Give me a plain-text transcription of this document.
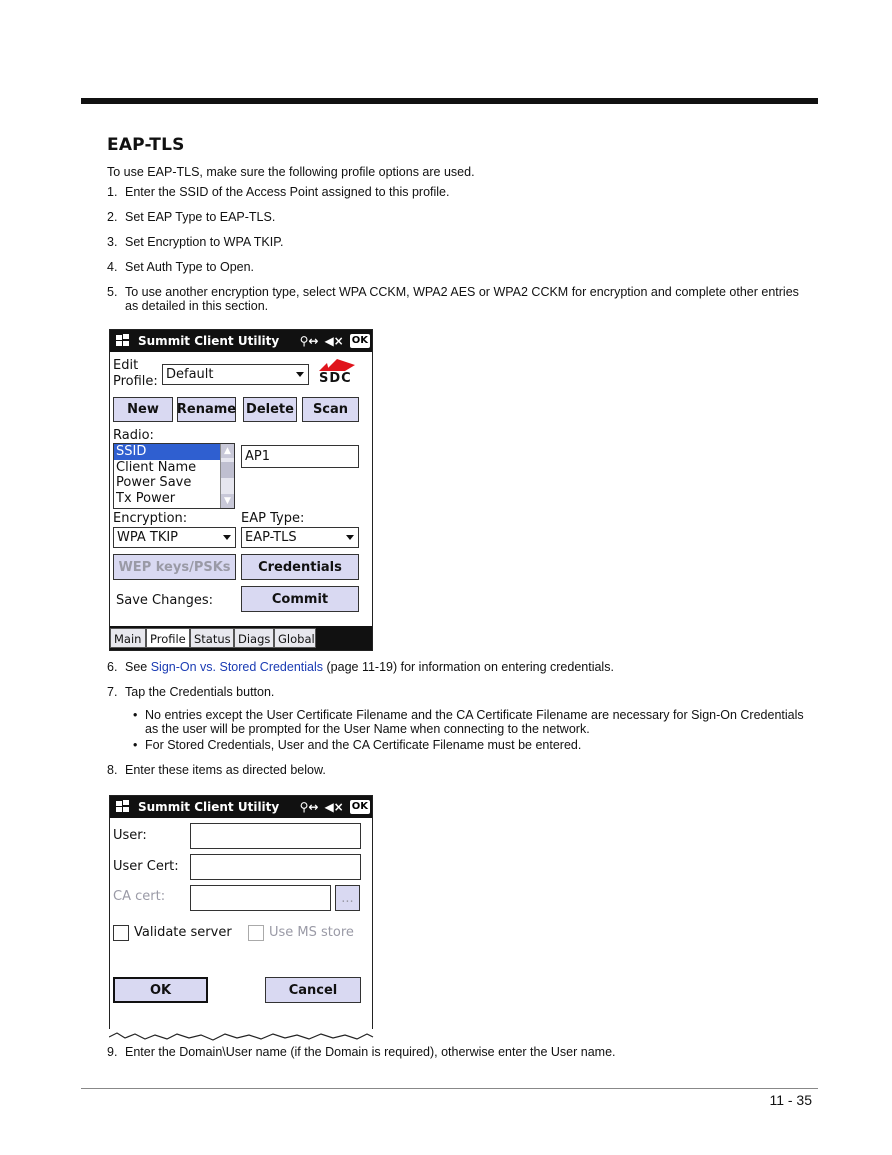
EAP-TLS
To use EAP-TLS, make sure the following profile options are used.
1. Enter the SSID of the Access Point assigned to this profile.
2. Set EAP Type to EAP-TLS.
3. Set Encryption to WPA TKIP.
4. Set Auth Type to Open.
5. To use another encryption type, select WPA CCKM, WPA2 AES or WPA2 CCKM for encryption and complete other entries as detailed in this section.
Summit Client Utility	⚲↔ ◀× OK
Edit
Profile: Default	SDC
New	Rename Delete	Scan
Radio:
SSID
Client Name
Power Save
Tx Power
▲
▼
AP1
Encryption:	EAP Type:
WPA TKIP	EAP-TLS
WEP keys/PSKs	Credentials
Save Changes:	Commit
Main Profile Status Diags Global
6. See Sign-On vs. Stored Credentials (page 11-19) for information on entering credentials.
7. Tap the Credentials button.
• No entries except the User Certificate Filename and the CA Certificate Filename are necessary for Sign-On Credentials as the user will be prompted for the User Name when connecting to the network.
• For Stored Credentials, User and the CA Certificate Filename must be entered.
8. Enter these items as directed below.
Summit Client Utility	⚲↔ ◀× OK
User:
User Cert:
CA cert:	...
Validate server	Use MS store
OK	Cancel
9. Enter the Domain\User name (if the Domain is required), otherwise enter the User name.
11 - 35
